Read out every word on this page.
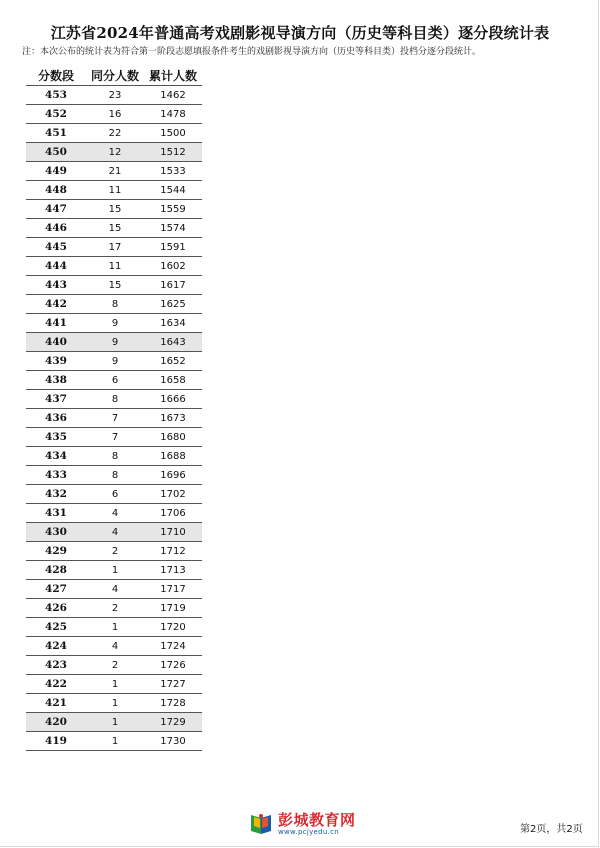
江苏省2024年普通高考戏剧影视导演方向（历史等科目类）逐分段统计表
注：本次公布的统计表为符合第一阶段志愿填报条件考生的戏剧影视导演方向（历史等科目类）投档分逐分段统计。
分数段	同分人数	累计人数
453	23	1462
452	16	1478
451	22	1500
450	12	1512
449	21	1533
448	11	1544
447	15	1559
446	15	1574
445	17	1591
444	11	1602
443	15	1617
442	8	1625
441	9	1634
440	9	1643
439	9	1652
438	6	1658
437	8	1666
436	7	1673
435	7	1680
434	8	1688
433	8	1696
432	6	1702
431	4	1706
430	4	1710
429	2	1712
428	1	1713
427	4	1717
426	2	1719
425	1	1720
424	4	1724
423	2	1726
422	1	1727
421	1	1728
420	1	1729
419	1	1730
彭城教育网
www.pcjyedu.cn	第2页，共2页
